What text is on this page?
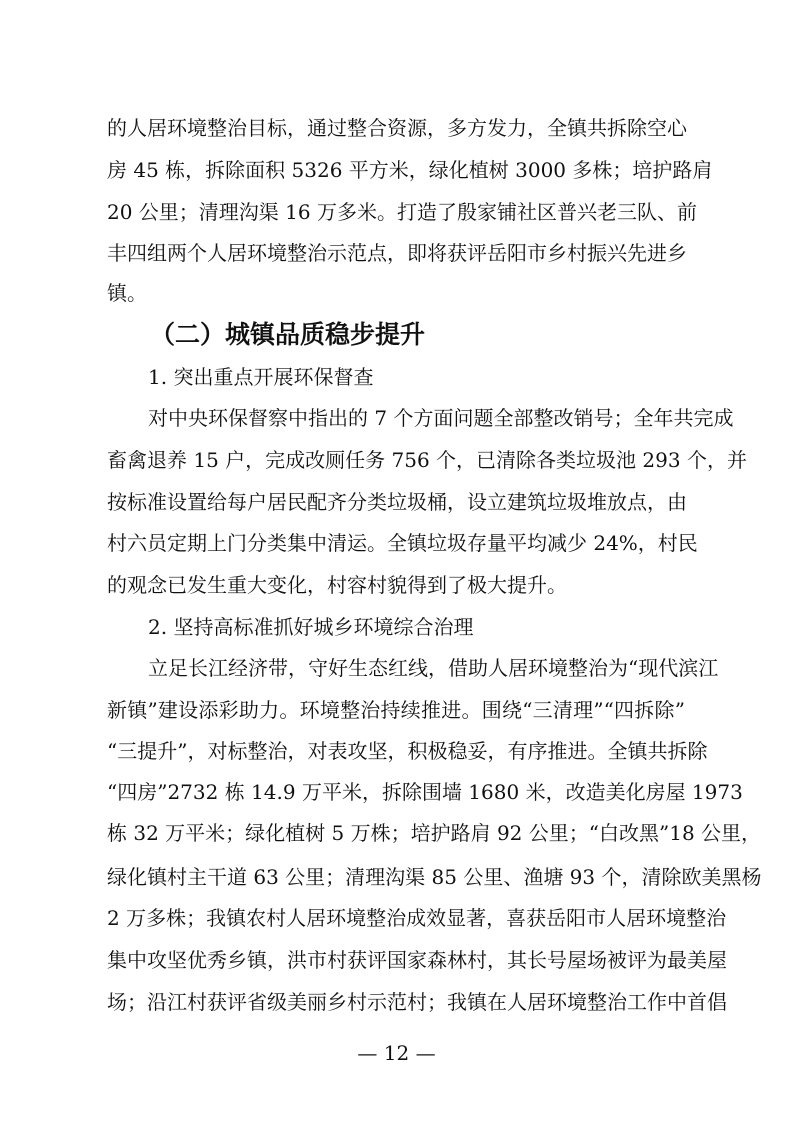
的人居环境整治目标，通过整合资源，多方发力，全镇共拆除空心
房 45 栋，拆除面积 5326 平方米，绿化植树 3000 多株；培护路肩
20 公里；清理沟渠 16 万多米。打造了殷家铺社区普兴老三队、前
丰四组两个人居环境整治示范点，即将获评岳阳市乡村振兴先进乡
镇。
（二）城镇品质稳步提升
1. 突出重点开展环保督查
对中央环保督察中指出的 7 个方面问题全部整改销号；全年共完成
畜禽退养 15 户，完成改厕任务 756 个，已清除各类垃圾池 293 个，并
按标准设置给每户居民配齐分类垃圾桶，设立建筑垃圾堆放点，由
村六员定期上门分类集中清运。全镇垃圾存量平均减少 24%，村民
的观念已发生重大变化，村容村貌得到了极大提升。
2. 坚持高标准抓好城乡环境综合治理
立足长江经济带，守好生态红线，借助人居环境整治为“现代滨江
新镇”建设添彩助力。环境整治持续推进。围绕“三清理”“四拆除”
“三提升”，对标整治，对表攻坚，积极稳妥，有序推进。全镇共拆除
“四房”2732 栋 14.9 万平米，拆除围墙 1680 米，改造美化房屋 1973
栋 32 万平米；绿化植树 5 万株；培护路肩 92 公里；“白改黑”18 公里，
绿化镇村主干道 63 公里；清理沟渠 85 公里、渔塘 93 个，清除欧美黑杨
2 万多株；我镇农村人居环境整治成效显著，喜获岳阳市人居环境整治
集中攻坚优秀乡镇，洪市村获评国家森林村，其长号屋场被评为最美屋
场；沿江村获评省级美丽乡村示范村；我镇在人居环境整治工作中首倡
— 12 —
